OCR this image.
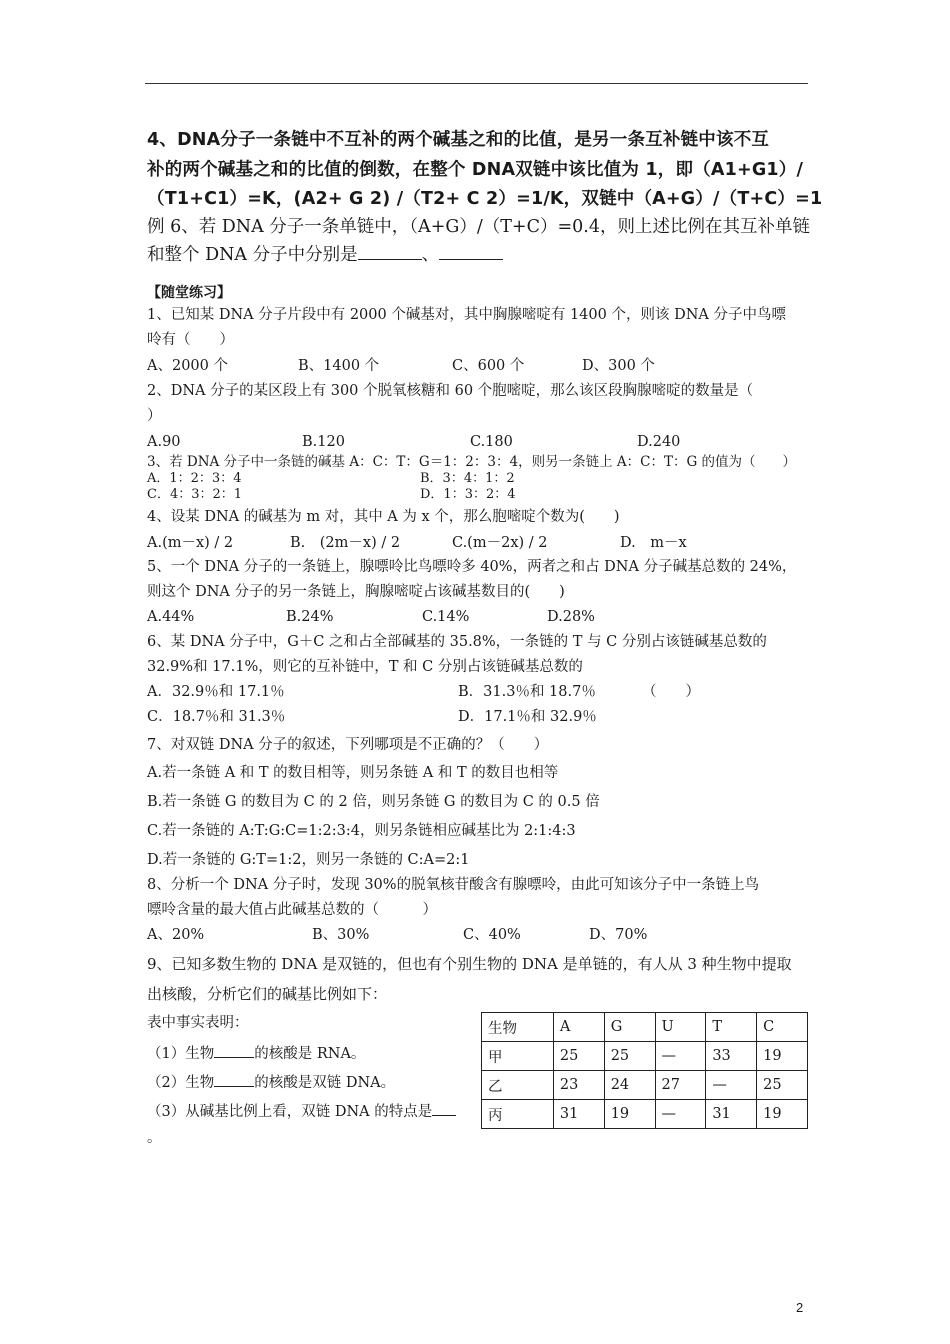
4、DNA分子一条链中不互补的两个碱基之和的比值，是另一条互补链中该不互
补的两个碱基之和的比值的倒数，在整个 DNA双链中该比值为 1，即（A1+G1）/
（T1+C1）=K，(A2+ G 2) /（T2+ C 2）=1/K，双链中（A+G）/（T+C）=1
例 6、若 DNA 分子一条单链中，（A+G）/（T+C）=0.4，则上述比例在其互补单链
和整个 DNA 分子中分别是	、
【随堂练习】
1、已知某 DNA 分子片段中有 2000 个碱基对，其中胸腺嘧啶有 1400 个，则该 DNA 分子中鸟嘌
呤有（　　）
A、2000 个	B、1400 个	C、600 个	D、300 个
2、DNA 分子的某区段上有 300 个脱氧核糖和 60 个胞嘧啶，那么该区段胸腺嘧啶的数量是（
）
A.90	B.120	C.180	D.240
3、若 DNA 分子中一条链的碱基 A：C：T：G＝1：2：3：4，则另一条链上 A：C：T：G 的值为（　　）
A．1：2：3：4	B．3：4：1：2
C．4：3：2：1	D．1：3：2：4
4、设某 DNA 的碱基为 m 对，其中 A 为 x 个，那么胞嘧啶个数为(　　)
A.(m－x) / 2	B.　(2m－x) / 2	C.(m－2x) / 2	D.　m－x
5、一个 DNA 分子的一条链上，腺嘌呤比鸟嘌呤多 40%，两者之和占 DNA 分子碱基总数的 24%，
则这个 DNA 分子的另一条链上，胸腺嘧啶占该碱基数目的(　　)
A.44%	B.24%	C.14%	D.28%
6、某 DNA 分子中，G＋C 之和占全部碱基的 35.8%，一条链的 T 与 C 分别占该链碱基总数的
32.9%和 17.1%，则它的互补链中，T 和 C 分别占该链碱基总数的
A．32.9％和 17.1％	B．31.3％和 18.7％	（　　）
C．18.7％和 31.3％	D．17.1％和 32.9％
7、对双链 DNA 分子的叙述，下列哪项是不正确的？（　　）
A.若一条链 A 和 T 的数目相等，则另条链 A 和 T 的数目也相等
B.若一条链 G 的数目为 C 的 2 倍，则另条链 G 的数目为 C 的 0.5 倍
C.若一条链的 A:T:G:C=1:2:3:4，则另条链相应碱基比为 2:1:4:3
D.若一条链的 G:T=1:2，则另一条链的 C:A=2:1
8、分析一个 DNA 分子时，发现 30%的脱氧核苷酸含有腺嘌呤，由此可知该分子中一条链上鸟
嘌呤含量的最大值占此碱基总数的（　　　）
A、20%	B、30%	C、40%	D、70%
9、已知多数生物的 DNA 是双链的，但也有个别生物的 DNA 是单链的，有人从 3 种生物中提取
出核酸，分析它们的碱基比例如下：
表中事实表明：
（1）生物	的核酸是 RNA。
（2）生物	的核酸是双链 DNA。
（3）从碱基比例上看，双链 DNA 的特点是
。
生物	A	G	U	T	C
甲	25	25	—	33	19
乙	23	24	27	—	25
丙	31	19	—	31	19
2
